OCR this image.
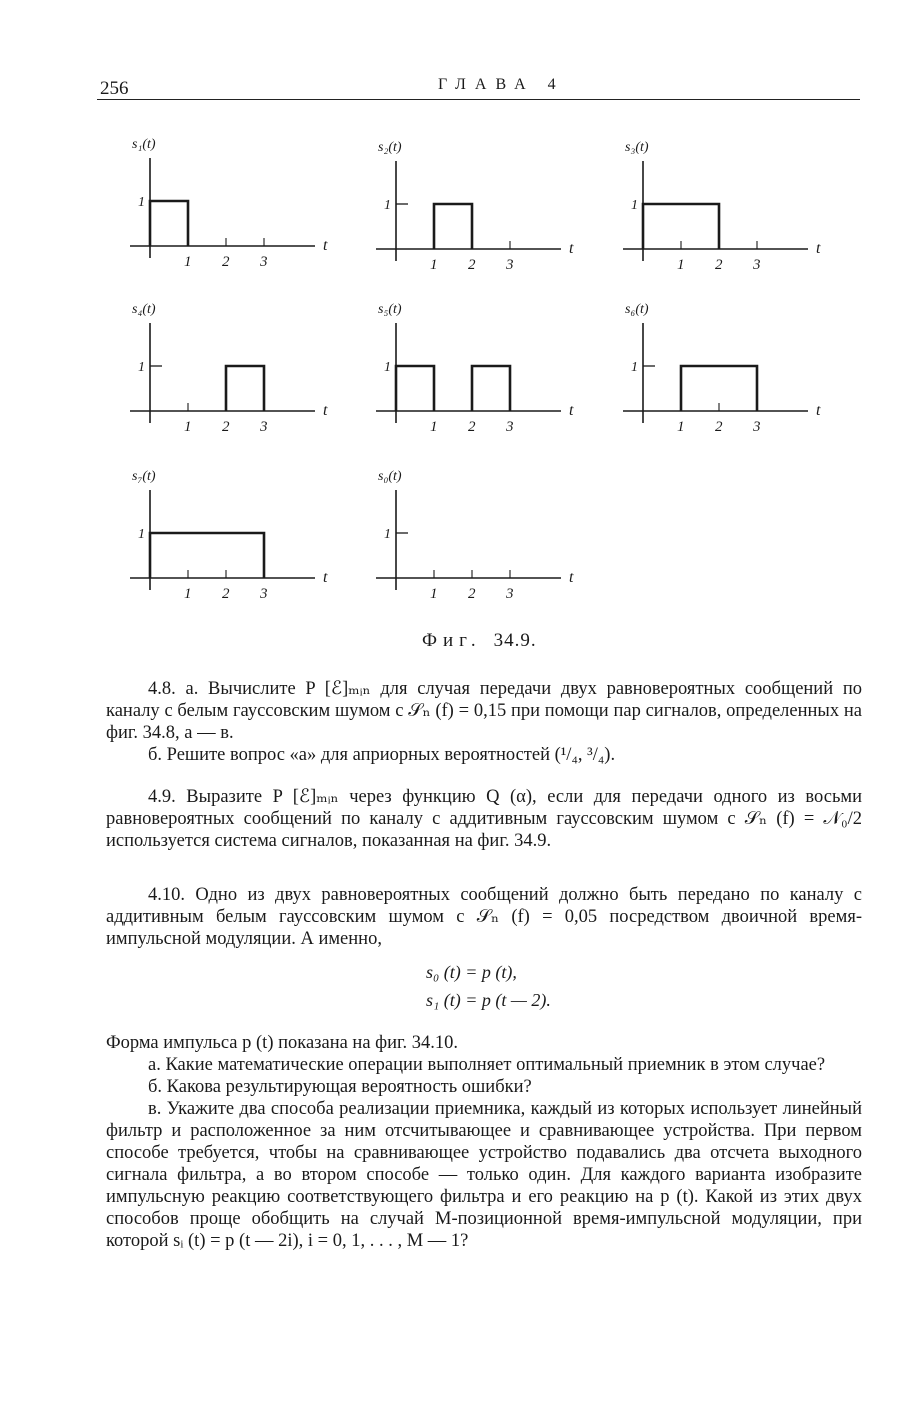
256	ГЛАВА 4
1
1 2 3
t
s₁(t)
1
1 2 3
t
s₂(t)
1
1 2 3
t
s₃(t)
1
1 2 3
t
s₄(t)
1
1 2 3
t
s₅(t)
1
1 2 3
t
s₆(t)
1
1 2 3
t
s₇(t)
1
1 2 3
t
s₀(t)
Фиг. 34.9.

4.8. а. Вычислите P [ℰ]ₘᵢₙ для случая передачи двух равновероятных сообщений по каналу с белым гауссовским шумом с 𝒮ₙ (f) = 0,15 при помощи пар сигналов, определенных на фиг. 34.8, а — в.

б. Решите вопрос «а» для априорных вероятностей (¹/₄, ³/₄).

4.9. Выразите P [ℰ]ₘᵢₙ через функцию Q (α), если для передачи одного из восьми равновероятных сообщений по каналу с аддитивным гауссовским шумом с 𝒮ₙ (f) = 𝒩₀/2 используется система сигналов, показанная на фиг. 34.9.

4.10. Одно из двух равновероятных сообщений должно быть передано по каналу с аддитивным белым гауссовским шумом с 𝒮ₙ (f) = 0,05 посредством двоичной время-импульсной модуляции. А именно,

s₀ (t) = p (t),
s₁ (t) = p (t — 2).

Форма импульса p (t) показана на фиг. 34.10.

а. Какие математические операции выполняет оптимальный приемник в этом случае?

б. Какова результирующая вероятность ошибки?

в. Укажите два способа реализации приемника, каждый из которых использует линейный фильтр и расположенное за ним отсчитывающее и сравнивающее устройства. При первом способе требуется, чтобы на сравнивающее устройство подавались два отсчета выходного сигнала фильтра, а во втором способе — только один. Для каждого варианта изобразите импульсную реакцию соответствующего фильтра и его реакцию на p (t). Какой из этих двух способов проще обобщить на случай M-позиционной время-импульсной модуляции, при которой sᵢ (t) = p (t — 2i), i = 0, 1, . . . , M — 1?
